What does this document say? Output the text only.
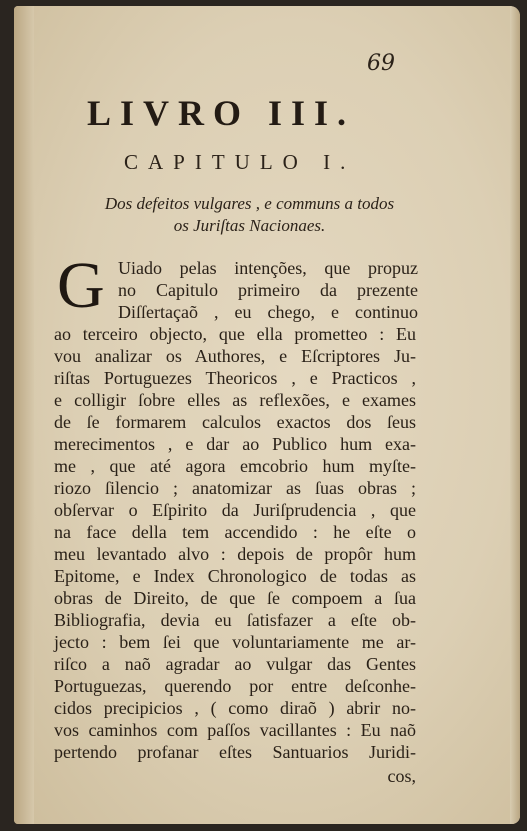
69
LIVRO III.
CAPITULO I.
Dos defeitos vulgares , e communs a todos
os Juriſtas Nacionaes.
G Uiado pelas intenções, que propuz
no Capitulo primeiro da prezente
Diſſertaçaõ , eu chego, e continuo
ao terceiro objecto, que ella prometteo : Eu
vou analizar os Authores, e Eſcriptores Ju-
riſtas Portuguezes Theoricos , e Practicos ,
e colligir ſobre elles as reflexões, e exames
de ſe formarem calculos exactos dos ſeus
merecimentos , e dar ao Publico hum exa-
me , que até agora emcobrio hum myſte-
riozo ſilencio ; anatomizar as ſuas obras ;
obſervar o Eſpirito da Juriſprudencia , que
na face della tem accendido : he eſte o
meu levantado alvo : depois de propôr hum
Epitome, e Index Chronologico de todas as
obras de Direito, de que ſe compoem a ſua
Bibliografia, devia eu ſatisfazer a eſte ob-
jecto : bem ſei que voluntariamente me ar-
riſco a naõ agradar ao vulgar das Gentes
Portuguezas, querendo por entre deſconhe-
cidos precipicios , ( como diraõ ) abrir no-
vos caminhos com paſſos vacillantes : Eu naõ
pertendo profanar eſtes Santuarios Juridi-
cos,
